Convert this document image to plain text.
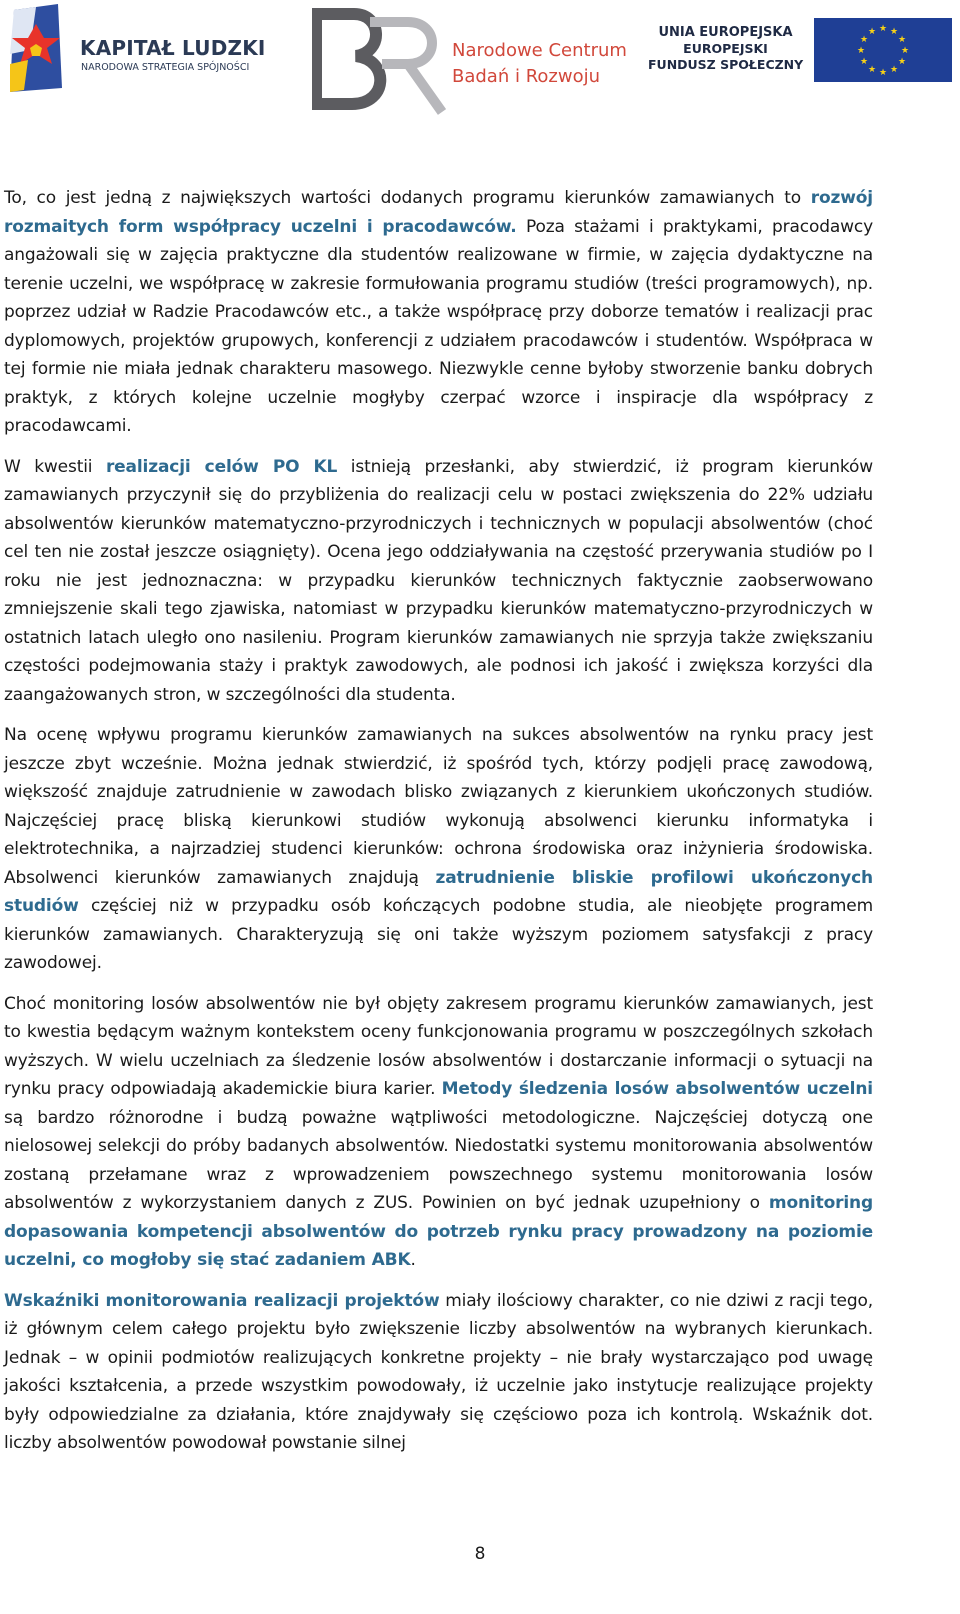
KAPITAŁ LUDZKI
NARODOWA STRATEGIA SPÓJNOŚCI
Narodowe Centrum
Badań i Rozwoju
UNIA EUROPEJSKA
EUROPEJSKI
FUNDUSZ SPOŁECZNY
★ ★
★
★
★
★
★
★
★
★
★
★

To, co jest jedną z największych wartości dodanych programu kierunków zamawianych to rozwój rozmaitych form współpracy uczelni i pracodawców. Poza stażami i praktykami, pracodawcy angażowali się w zajęcia praktyczne dla studentów realizowane w firmie, w zajęcia dydaktyczne na terenie uczelni, we współpracę w zakresie formułowania programu studiów (treści programowych), np. poprzez udział w Radzie Pracodawców etc., a także współpracę przy doborze tematów i realizacji prac dyplomowych, projektów grupowych, konferencji z udziałem pracodawców i studentów. Współpraca w tej formie nie miała jednak charakteru masowego. Niezwykle cenne byłoby stworzenie banku dobrych praktyk, z których kolejne uczelnie mogłyby czerpać wzorce i inspiracje dla współpracy z pracodawcami.

W kwestii realizacji celów PO KL istnieją przesłanki, aby stwierdzić, iż program kierunków zamawianych przyczynił się do przybliżenia do realizacji celu w postaci zwiększenia do 22% udziału absolwentów kierunków matematyczno-przyrodniczych i technicznych w populacji absolwentów (choć cel ten nie został jeszcze osiągnięty). Ocena jego oddziaływania na częstość przerywania studiów po I roku nie jest jednoznaczna: w przypadku kierunków technicznych faktycznie zaobserwowano zmniejszenie skali tego zjawiska, natomiast w przypadku kierunków matematyczno-przyrodniczych w ostatnich latach uległo ono nasileniu. Program kierunków zamawianych nie sprzyja także zwiększaniu częstości podejmowania staży i praktyk zawodowych, ale podnosi ich jakość i zwiększa korzyści dla zaangażowanych stron, w szczególności dla studenta.

Na ocenę wpływu programu kierunków zamawianych na sukces absolwentów na rynku pracy jest jeszcze zbyt wcześnie. Można jednak stwierdzić, iż spośród tych, którzy podjęli pracę zawodową, większość znajduje zatrudnienie w zawodach blisko związanych z kierunkiem ukończonych studiów. Najczęściej pracę bliską kierunkowi studiów wykonują absolwenci kierunku informatyka i elektrotechnika, a najrzadziej studenci kierunków: ochrona środowiska oraz inżynieria środowiska. Absolwenci kierunków zamawianych znajdują zatrudnienie bliskie profilowi ukończonych studiów częściej niż w przypadku osób kończących podobne studia, ale nieobjęte programem kierunków zamawianych. Charakteryzują się oni także wyższym poziomem satysfakcji z pracy zawodowej.

Choć monitoring losów absolwentów nie był objęty zakresem programu kierunków zamawianych, jest to kwestia będącym ważnym kontekstem oceny funkcjonowania programu w poszczególnych szkołach wyższych. W wielu uczelniach za śledzenie losów absolwentów i dostarczanie informacji o sytuacji na rynku pracy odpowiadają akademickie biura karier. Metody śledzenia losów absolwentów uczelni są bardzo różnorodne i budzą poważne wątpliwości metodologiczne. Najczęściej dotyczą one nielosowej selekcji do próby badanych absolwentów. Niedostatki systemu monitorowania absolwentów zostaną przełamane wraz z wprowadzeniem powszechnego systemu monitorowania losów absolwentów z wykorzystaniem danych z ZUS. Powinien on być jednak uzupełniony o monitoring dopasowania kompetencji absolwentów do potrzeb rynku pracy prowadzony na poziomie uczelni, co mogłoby się stać zadaniem ABK.

Wskaźniki monitorowania realizacji projektów miały ilościowy charakter, co nie dziwi z racji tego, iż głównym celem całego projektu było zwiększenie liczby absolwentów na wybranych kierunkach. Jednak – w opinii podmiotów realizujących konkretne projekty – nie brały wystarczająco pod uwagę jakości kształcenia, a przede wszystkim powodowały, iż uczelnie jako instytucje realizujące projekty były odpowiedzialne za działania, które znajdywały się częściowo poza ich kontrolą. Wskaźnik dot. liczby absolwentów powodował powstanie silnej

8
